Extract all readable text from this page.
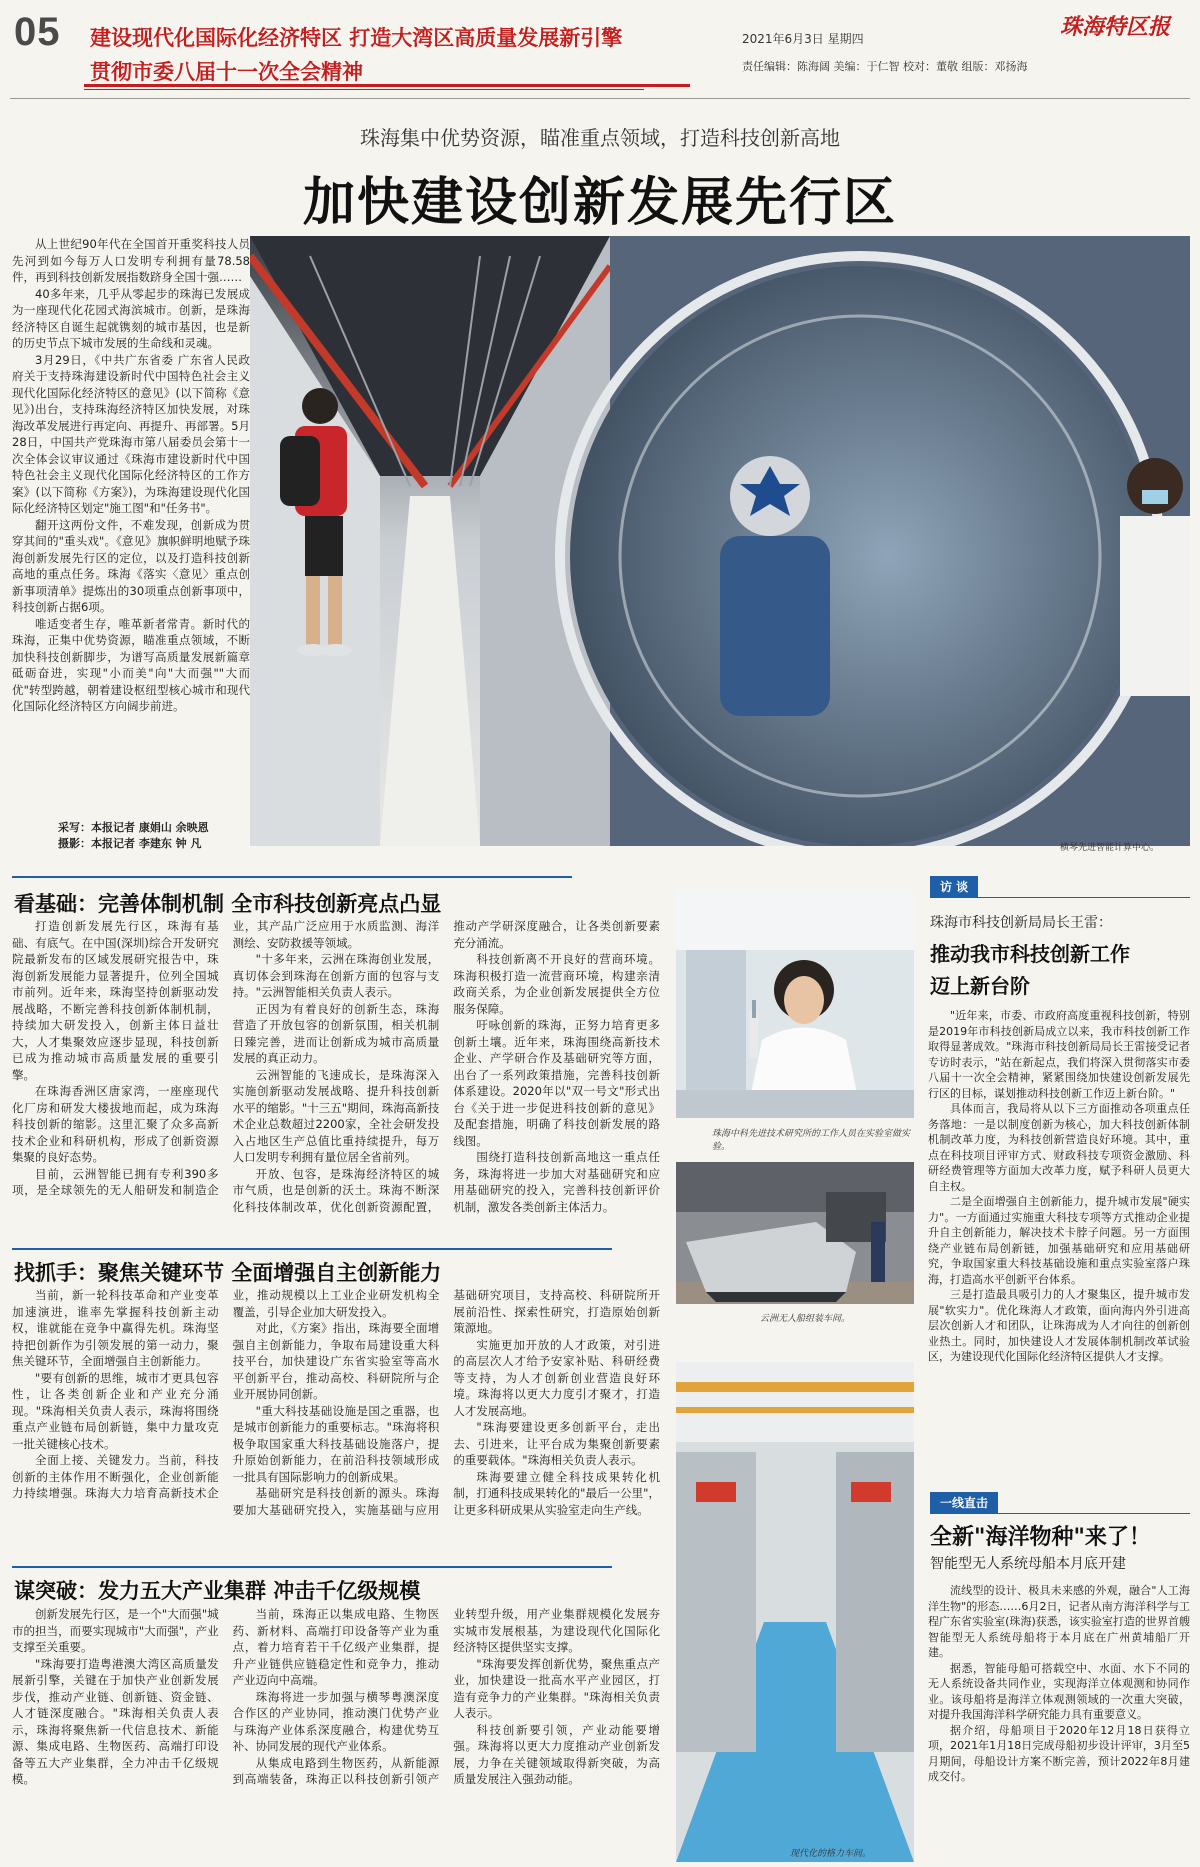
05 建设现代化国际化经济特区 打造大湾区高质量发展新引擎
贯彻市委八届十一次全会精神
2021年6月3日 星期四
责任编辑：陈海阔 美编：于仁智 校对：董敬 组版：邓扬海
珠海特区报
珠海集中优势资源，瞄准重点领域，打造科技创新高地
加快建设创新发展先行区

从上世纪90年代在全国首开重奖科技人员先河到如今每万人口发明专利拥有量78.58件，再到科技创新发展指数跻身全国十强……

40多年来，几乎从零起步的珠海已发展成为一座现代化花园式海滨城市。创新，是珠海经济特区自诞生起就镌刻的城市基因，也是新的历史节点下城市发展的生命线和灵魂。

3月29日，《中共广东省委 广东省人民政府关于支持珠海建设新时代中国特色社会主义现代化国际化经济特区的意见》(以下简称《意见》)出台，支持珠海经济特区加快发展，对珠海改革发展进行再定向、再提升、再部署。5月28日，中国共产党珠海市第八届委员会第十一次全体会议审议通过《珠海市建设新时代中国特色社会主义现代化国际化经济特区的工作方案》(以下简称《方案》)，为珠海建设现代化国际化经济特区划定"施工图"和"任务书"。

翻开这两份文件，不难发现，创新成为贯穿其间的"重头戏"。《意见》旗帜鲜明地赋予珠海创新发展先行区的定位，以及打造科技创新高地的重点任务。珠海《落实〈意见〉重点创新事项清单》提炼出的30项重点创新事项中，科技创新占据6项。

唯适变者生存，唯革新者常青。新时代的珠海，正集中优势资源，瞄准重点领域，不断加快科技创新脚步，为谱写高质量发展新篇章砥砺奋进，实现"小而美"向"大而强""大而优"转型跨越，朝着建设枢纽型核心城市和现代化国际化经济特区方向阔步前进。

采写：本报记者 康娟山 余映恩
摄影：本报记者 李建东 钟 凡	横琴先进智能计算中心。
看基础：完善体制机制 全市科技创新亮点凸显

打造创新发展先行区，珠海有基础、有底气。在中国(深圳)综合开发研究院最新发布的区域发展研究报告中，珠海创新发展能力显著提升，位列全国城市前列。近年来，珠海坚持创新驱动发展战略，不断完善科技创新体制机制，持续加大研发投入，创新主体日益壮大，人才集聚效应逐步显现，科技创新已成为推动城市高质量发展的重要引擎。

在珠海香洲区唐家湾，一座座现代化厂房和研发大楼拔地而起，成为珠海科技创新的缩影。这里汇聚了众多高新技术企业和科研机构，形成了创新资源集聚的良好态势。

目前，云洲智能已拥有专利390多项，是全球领先的无人船研发和制造企业，其产品广泛应用于水质监测、海洋测绘、安防救援等领域。

"十多年来，云洲在珠海创业发展，真切体会到珠海在创新方面的包容与支持。"云洲智能相关负责人表示。

正因为有着良好的创新生态，珠海营造了开放包容的创新氛围，相关机制日臻完善，进而让创新成为城市高质量发展的真正动力。

云洲智能的飞速成长，是珠海深入实施创新驱动发展战略、提升科技创新水平的缩影。"十三五"期间，珠海高新技术企业总数超过2200家，全社会研发投入占地区生产总值比重持续提升，每万人口发明专利拥有量位居全省前列。

开放、包容，是珠海经济特区的城市气质，也是创新的沃土。珠海不断深化科技体制改革，优化创新资源配置，推动产学研深度融合，让各类创新要素充分涌流。

科技创新离不开良好的营商环境。珠海积极打造一流营商环境，构建亲清政商关系，为企业创新发展提供全方位服务保障。

吁咏创新的珠海，正努力培育更多创新土壤。近年来，珠海围绕高新技术企业、产学研合作及基础研究等方面，出台了一系列政策措施，完善科技创新体系建设。2020年以"双一号文"形式出台《关于进一步促进科技创新的意见》及配套措施，明确了科技创新发展的路线图。

围绕打造科技创新高地这一重点任务，珠海将进一步加大对基础研究和应用基础研究的投入，完善科技创新评价机制，激发各类创新主体活力。

找抓手：聚焦关键环节 全面增强自主创新能力

当前，新一轮科技革命和产业变革加速演进，谁率先掌握科技创新主动权，谁就能在竞争中赢得先机。珠海坚持把创新作为引领发展的第一动力，聚焦关键环节，全面增强自主创新能力。

"要有创新的思维，城市才更具包容性，让各类创新企业和产业充分涌现。"珠海相关负责人表示，珠海将围绕重点产业链布局创新链，集中力量攻克一批关键核心技术。

全面上接、关键发力。当前，科技创新的主体作用不断强化，企业创新能力持续增强。珠海大力培育高新技术企业，推动规模以上工业企业研发机构全覆盖，引导企业加大研发投入。

对此，《方案》指出，珠海要全面增强自主创新能力，争取布局建设重大科技平台，加快建设广东省实验室等高水平创新平台，推动高校、科研院所与企业开展协同创新。

"重大科技基础设施是国之重器，也是城市创新能力的重要标志。"珠海将积极争取国家重大科技基础设施落户，提升原始创新能力，在前沿科技领域形成一批具有国际影响力的创新成果。

基础研究是科技创新的源头。珠海要加大基础研究投入，实施基础与应用基础研究项目，支持高校、科研院所开展前沿性、探索性研究，打造原始创新策源地。

实施更加开放的人才政策，对引进的高层次人才给予安家补贴、科研经费等支持，为人才创新创业营造良好环境。珠海将以更大力度引才聚才，打造人才发展高地。

"珠海要建设更多创新平台，走出去、引进来，让平台成为集聚创新要素的重要载体。"珠海相关负责人表示。

珠海要建立健全科技成果转化机制，打通科技成果转化的"最后一公里"，让更多科研成果从实验室走向生产线。

谋突破：发力五大产业集群 冲击千亿级规模

创新发展先行区，是一个"大而强"城市的担当，而要实现城市"大而强"，产业支撑至关重要。

"珠海要打造粤港澳大湾区高质量发展新引擎，关键在于加快产业创新发展步伐，推动产业链、创新链、资金链、人才链深度融合。"珠海相关负责人表示，珠海将聚焦新一代信息技术、新能源、集成电路、生物医药、高端打印设备等五大产业集群，全力冲击千亿级规模。

当前，珠海正以集成电路、生物医药、新材料、高端打印设备等产业为重点，着力培育若干千亿级产业集群，提升产业链供应链稳定性和竞争力，推动产业迈向中高端。

珠海将进一步加强与横琴粤澳深度合作区的产业协同，推动澳门优势产业与珠海产业体系深度融合，构建优势互补、协同发展的现代产业体系。

从集成电路到生物医药，从新能源到高端装备，珠海正以科技创新引领产业转型升级，用产业集群规模化发展夯实城市发展根基，为建设现代化国际化经济特区提供坚实支撑。

"珠海要发挥创新优势，聚焦重点产业，加快建设一批高水平产业园区，打造有竞争力的产业集群。"珠海相关负责人表示。

科技创新要引领，产业动能要增强。珠海将以更大力度推动产业创新发展，力争在关键领域取得新突破，为高质量发展注入强劲动能。

珠海中科先进技术研究所的工作人员在实验室做实验。
云洲无人船组装车间。
现代化的格力车间。
访 谈
珠海市科技创新局局长王雷：
推动我市科技创新工作
迈上新台阶

"近年来，市委、市政府高度重视科技创新，特别是2019年市科技创新局成立以来，我市科技创新工作取得显著成效。"珠海市科技创新局局长王雷接受记者专访时表示，"站在新起点，我们将深入贯彻落实市委八届十一次全会精神，紧紧围绕加快建设创新发展先行区的目标，谋划推动科技创新工作迈上新台阶。"

具体而言，我局将从以下三方面推动各项重点任务落地：一是以制度创新为核心，加大科技创新体制机制改革力度，为科技创新营造良好环境。其中，重点在科技项目评审方式、财政科技专项资金激励、科研经费管理等方面加大改革力度，赋予科研人员更大自主权。

二是全面增强自主创新能力，提升城市发展"硬实力"。一方面通过实施重大科技专项等方式推动企业提升自主创新能力，解决技术卡脖子问题。另一方面围绕产业链布局创新链，加强基础研究和应用基础研究，争取国家重大科技基础设施和重点实验室落户珠海，打造高水平创新平台体系。

三是打造最具吸引力的人才聚集区，提升城市发展"软实力"。优化珠海人才政策，面向海内外引进高层次创新人才和团队，让珠海成为人才向往的创新创业热土。同时，加快建设人才发展体制机制改革试验区，为建设现代化国际化经济特区提供人才支撑。

一线直击
全新"海洋物种"来了！
智能型无人系统母船本月底开建

流线型的设计、极具未来感的外观，融合"人工海洋生物"的形态……6月2日，记者从南方海洋科学与工程广东省实验室(珠海)获悉，该实验室打造的世界首艘智能型无人系统母船将于本月底在广州黄埔船厂开建。

据悉，智能母船可搭载空中、水面、水下不同的无人系统设备共同作业，实现海洋立体观测和协同作业。该母船将是海洋立体观测领域的一次重大突破，对提升我国海洋科学研究能力具有重要意义。

据介绍，母船项目于2020年12月18日获得立项，2021年1月18日完成母船初步设计评审，3月至5月期间，母船设计方案不断完善，预计2022年8月建成交付。
